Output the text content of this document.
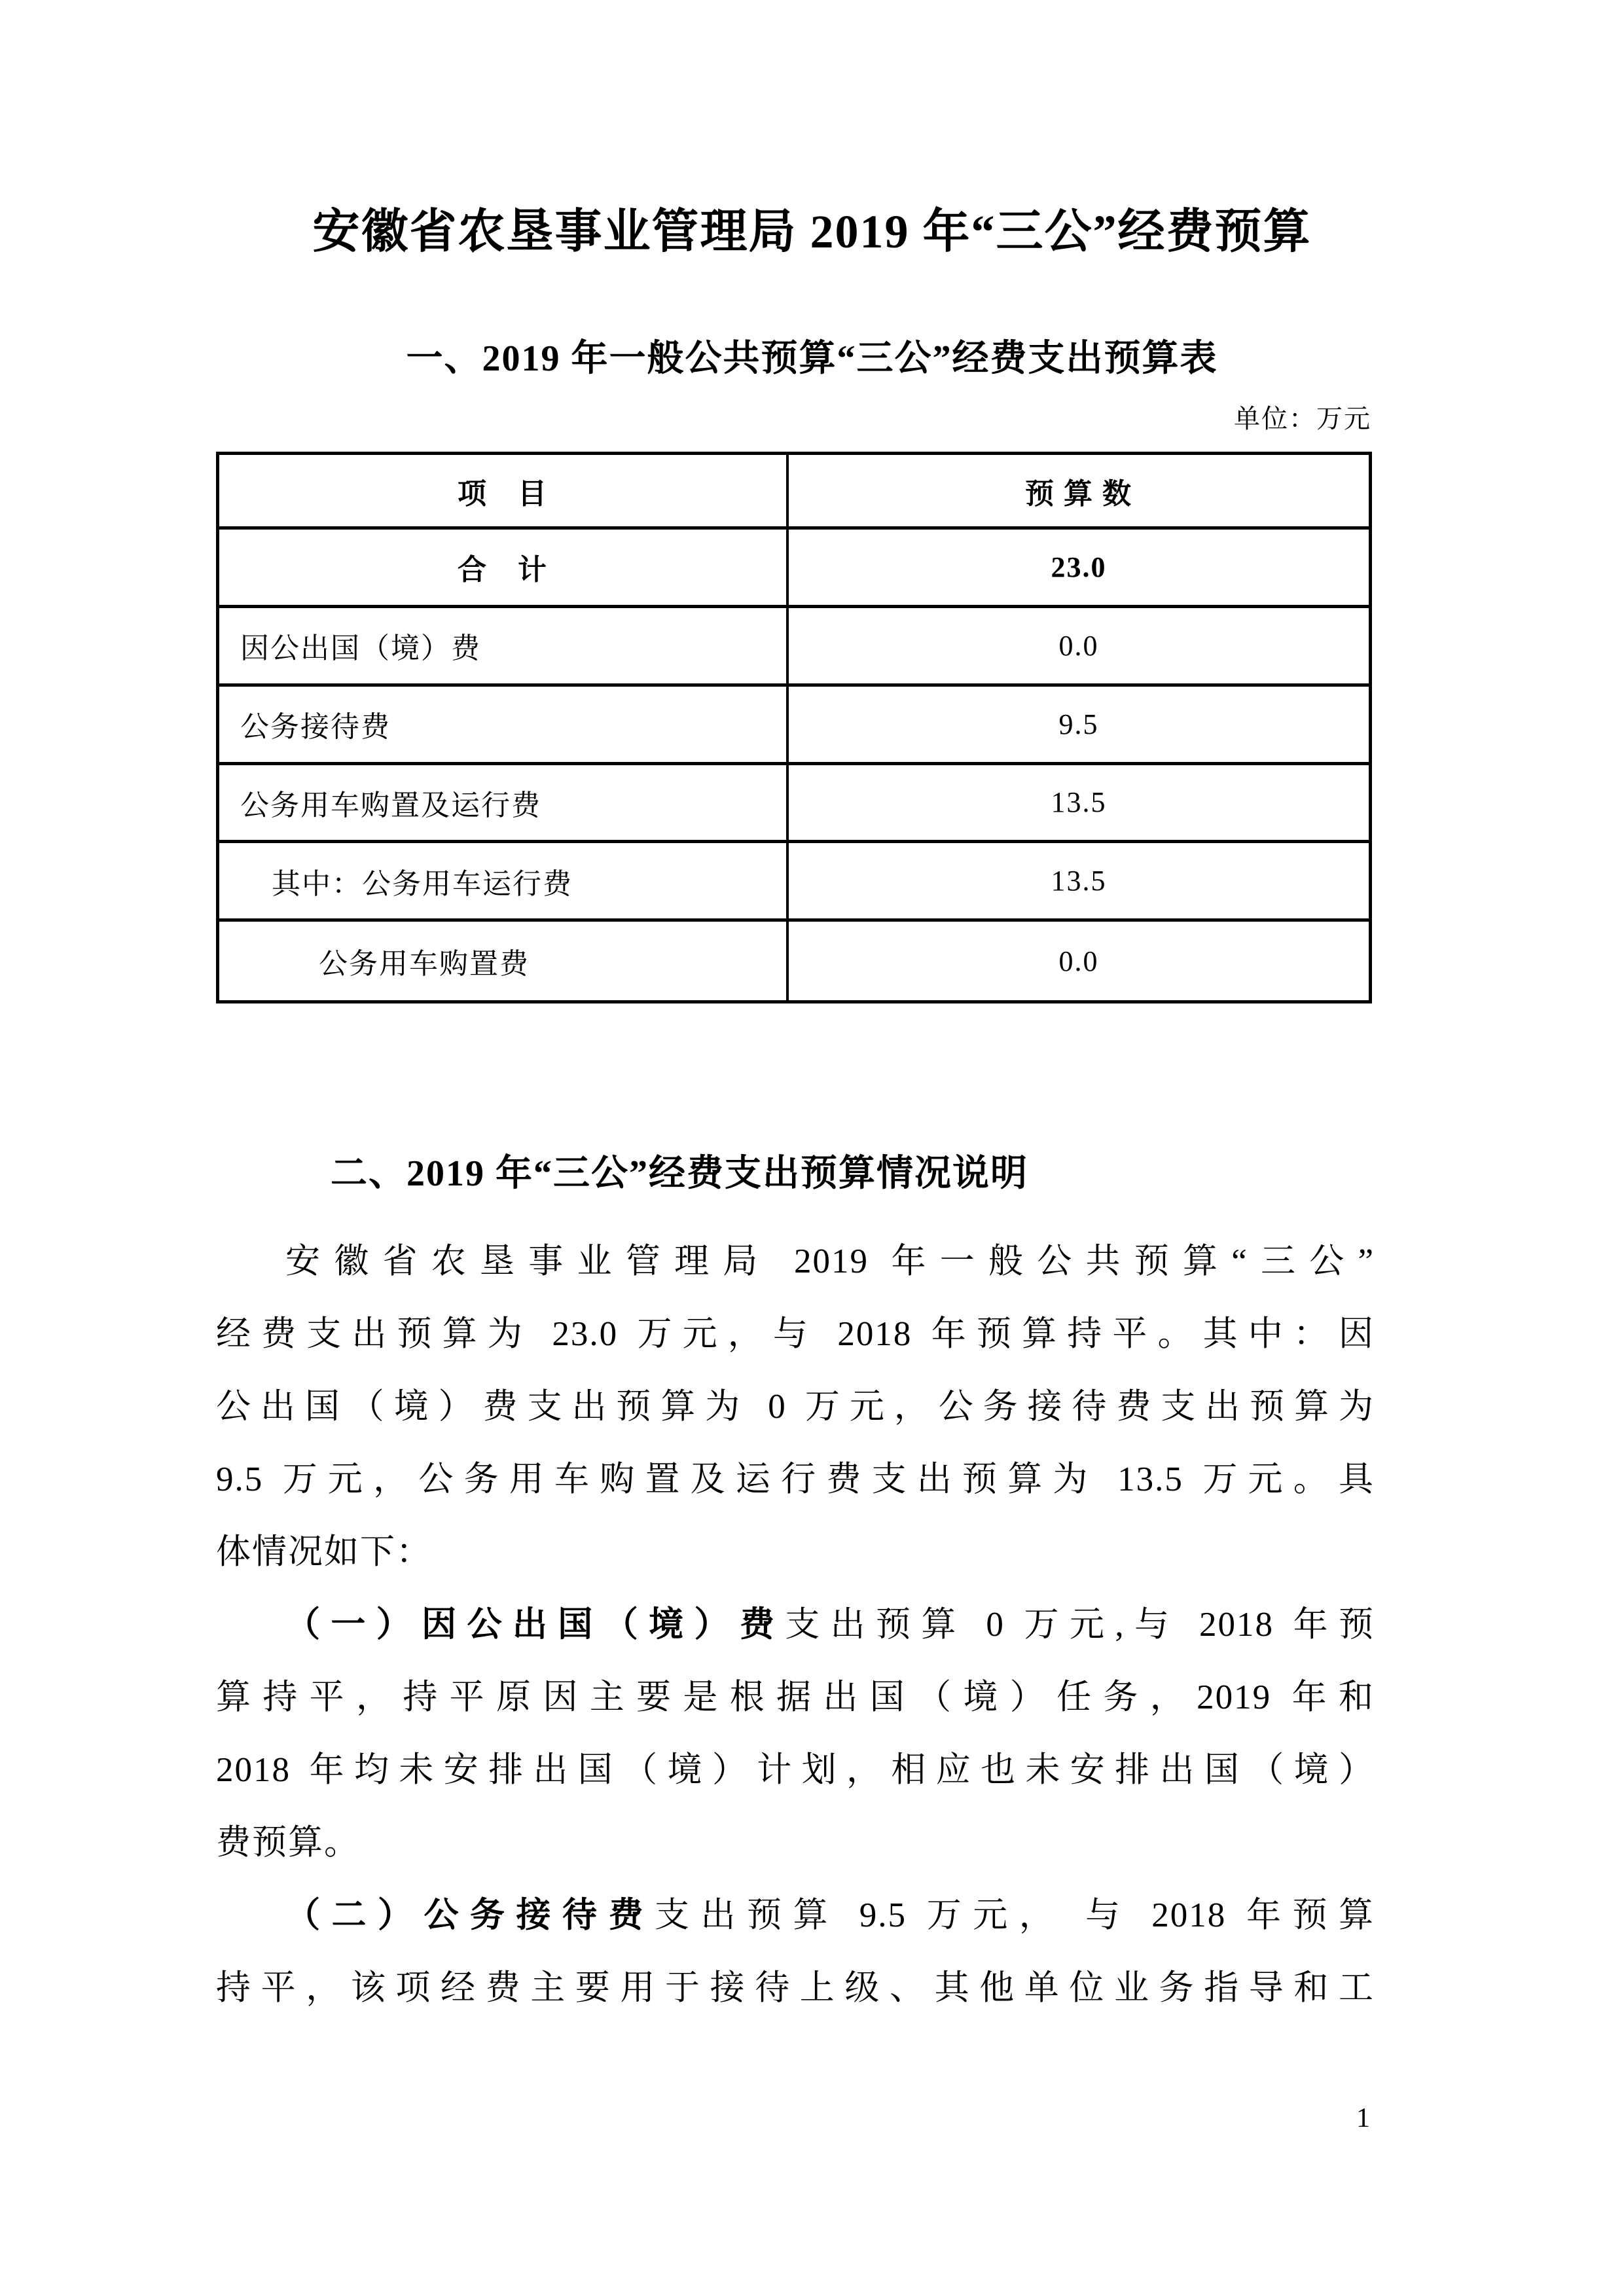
安徽省农垦事业管理局 2019 年“三公”经费预算
一、2019 年一般公共预算“三公”经费支出预算表
单位：万元
项　目	预 算 数
合　计	23.0
因公出国（境）费	0.0
公务接待费	9.5
公务用车购置及运行费	13.5
其中：公务用车运行费	13.5
公务用车购置费	0.0
二、2019 年“三公”经费支出预算情况说明
安徽省农垦事业管理局 2019 年一般公共预算“三公”
经费支出预算为 23.0 万元，与 2018 年预算持平。其中：因
公出国（境）费支出预算为 0 万元，公务接待费支出预算为
9.5 万元，公务用车购置及运行费支出预算为 13.5 万元。具
体情况如下：
（一）因公出国（境）费支出预算 0 万元,与 2018 年预
算持平，持平原因主要是根据出国（境）任务，2019 年和
2018 年均未安排出国（境）计划，相应也未安排出国（境）
费预算。
（二）公务接待费支出预算 9.5 万元， 与 2018 年预算
持平，该项经费主要用于接待上级、其他单位业务指导和工
1
